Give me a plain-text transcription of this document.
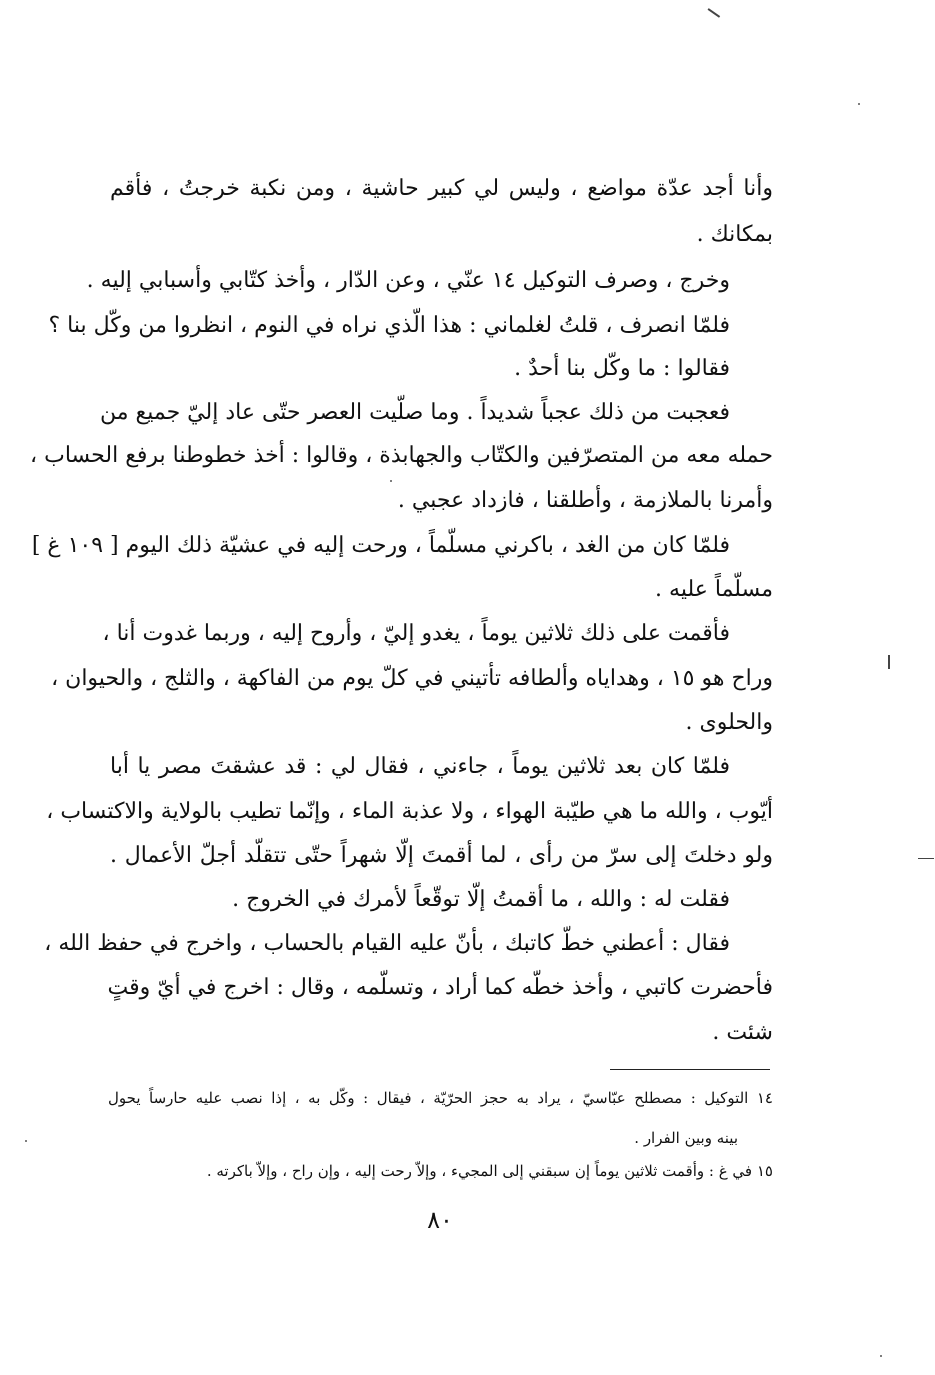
وأنا أجد عدّة مواضع ، وليس لي كبير حاشية ، ومن نكبة خرجتُ ، فأقم
بمكانك .
وخرج ، وصرف التوكيل ١٤ عنّي ، وعن الدّار ، وأخذ كتّابي وأسبابي إليه .
فلمّا انصرف ، قلتُ لغلماني : هذا الّذي نراه في النوم ، انظروا من وكّل بنا ؟
فقالوا : ما وكّل بنا أحدٌ .
فعجبت من ذلك عجباً شديداً . وما صلّيت العصر حتّى عاد إليّ جميع من
حمله معه من المتصرّفين والكتّاب والجهابذة ، وقالوا : أخذ خطوطنا برفع الحساب ،
وأمرنا بالملازمة ، وأطلقنا ، فازداد عجبي .
فلمّا كان من الغد ، باكرني مسلّماً ، ورحت إليه في عشيّة ذلك اليوم [ ١٠٩ غ ]
مسلّماً عليه .
فأقمت على ذلك ثلاثين يوماً ، يغدو إليّ ، وأروح إليه ، وربما غدوت أنا ،
وراح هو ١٥ ، وهداياه وألطافه تأتيني في كلّ يوم من الفاكهة ، والثلج ، والحيوان ،
والحلوى .
فلمّا كان بعد ثلاثين يوماً ، جاءني ، فقال لي : قد عشقتَ مصر يا أبا
أيّوب ، والله ما هي طيّبة الهواء ، ولا عذبة الماء ، وإنّما تطيب بالولاية والاكتساب ،
ولو دخلتَ إلى سرّ من رأى ، لما أقمتَ إلّا شهراً حتّى تتقلّد أجلّ الأعمال .
فقلت له : والله ، ما أقمتُ إلّا توقّعاً لأمرك في الخروج .
فقال : أعطني خطّ كاتبك ، بأنّ عليه القيام بالحساب ، واخرج في حفظ الله ،
فأحضرت كاتبي ، وأخذ خطّه كما أراد ، وتسلّمه ، وقال : اخرج في أيّ وقتٍ
شئت .
١٤ التوكيل : مصطلح عبّاسيّ ، يراد به حجز الحرّيّة ، فيقال : وكّل به ، إذا نصب عليه حارساً يحول
بينه وبين الفرار .
١٥ في غ : وأقمت ثلاثين يوماً إن سبقني إلى المجيء ، وإلاّ رحت إليه ، وإن راح ، وإلاّ باكرته .
٨٠
